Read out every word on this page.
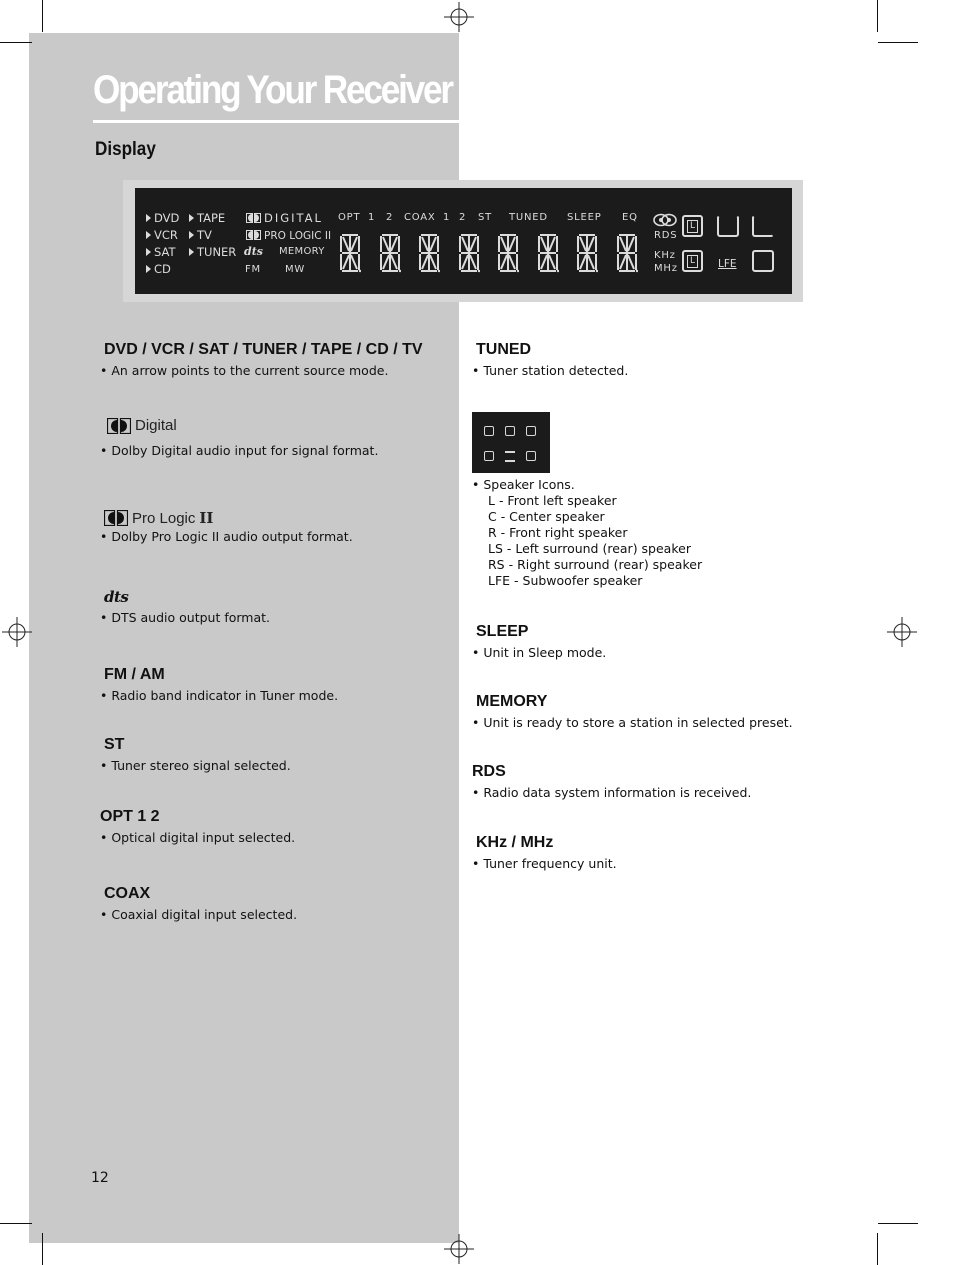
Operating Your Receiver
Display
DVD
VCR
SAT
CD
TAPE
TV
TUNER
DIGITAL
PRO LOGIC II
dts MEMORY
FM MW
OPT 1 2 COAX 1 2 ST TUNED SLEEP EQ
RDS
KHz
MHz
L
L	LFE
DVD / VCR / SAT / TUNER / TAPE / CD / TV

• An arrow points to the current source mode.

Digital

• Dolby Digital audio input for signal format.

Pro Logic II

• Dolby Pro Logic II audio output format.

dts

• DTS audio output format.

FM / AM

• Radio band indicator in Tuner mode.

ST

• Tuner stereo signal selected.

OPT 1 2

• Optical digital input selected.

COAX

• Coaxial digital input selected.

TUNED

• Tuner station detected.

• Speaker Icons.

L - Front left speaker

C - Center speaker

R - Front right speaker

LS - Left surround (rear) speaker

RS - Right surround (rear) speaker

LFE - Subwoofer speaker

SLEEP

• Unit in Sleep mode.

MEMORY

• Unit is ready to store a station in selected preset.

RDS

• Radio data system information is received.

KHz / MHz

• Tuner frequency unit.

12
